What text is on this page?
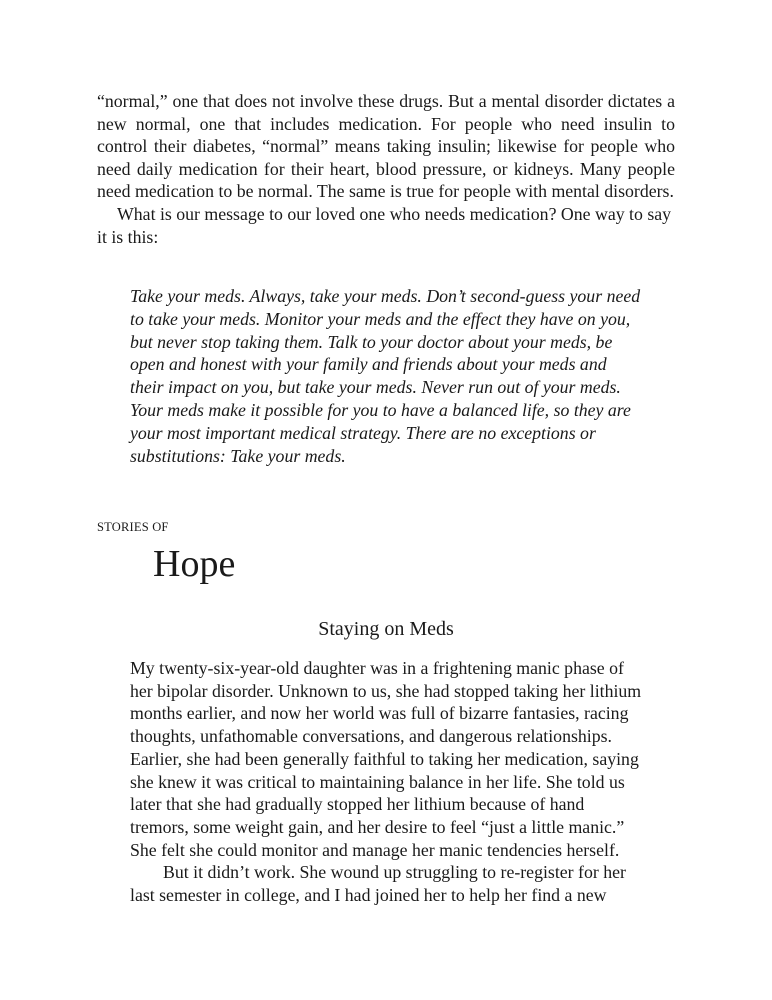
“normal,” one that does not involve these drugs. But a mental disorder dictates a new normal, one that includes medication. For people who need insulin to control their diabetes, “normal” means taking insulin; likewise for people who need daily medication for their heart, blood pressure, or kidneys. Many people need medication to be normal. The same is true for people with mental disorders.

What is our message to our loved one who needs medication? One way to say it is this:

Take your meds. Always, take your meds. Don’t second-guess your need
to take your meds. Monitor your meds and the effect they have on you,
but never stop taking them. Talk to your doctor about your meds, be
open and honest with your family and friends about your meds and
their impact on you, but take your meds. Never run out of your meds.
Your meds make it possible for you to have a balanced life, so they are
your most important medical strategy. There are no exceptions or
substitutions: Take your meds.
STORIES OF
Hope
Staying on Meds
My twenty-six-year-old daughter was in a frightening manic phase of
her bipolar disorder. Unknown to us, she had stopped taking her lithium
months earlier, and now her world was full of bizarre fantasies, racing
thoughts, unfathomable conversations, and dangerous relationships.
Earlier, she had been generally faithful to taking her medication, saying
she knew it was critical to maintaining balance in her life. She told us
later that she had gradually stopped her lithium because of hand
tremors, some weight gain, and her desire to feel “just a little manic.”
She felt she could monitor and manage her manic tendencies herself.
But it didn’t work. She wound up struggling to re-register for her
last semester in college, and I had joined her to help her find a new
